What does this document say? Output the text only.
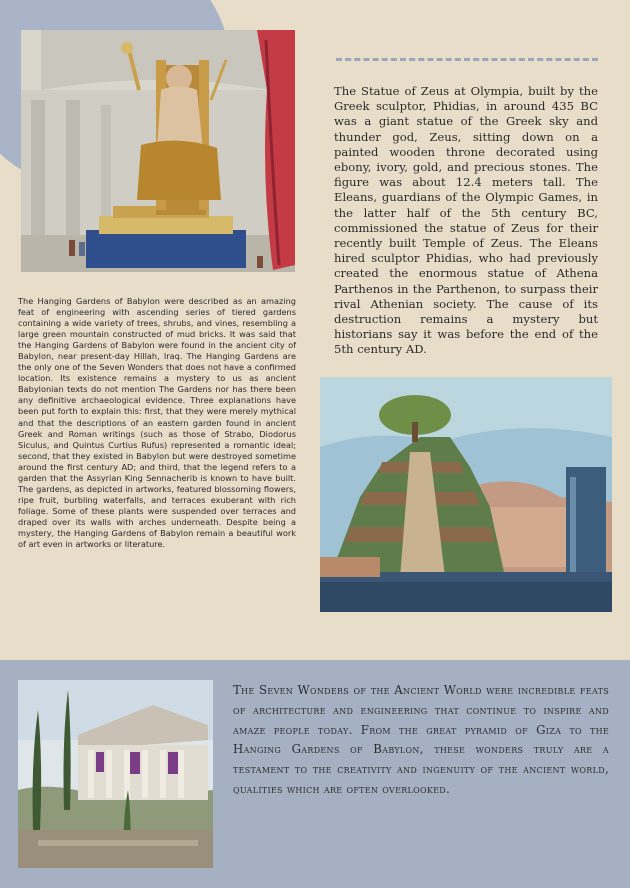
The Statue of Zeus at Olympia, built by the Greek sculptor, Phidias, in around 435 BC was a giant statue of the Greek sky and thunder god, Zeus, sitting down on a painted wooden throne decorated using ebony, ivory, gold, and precious stones. The figure was about 12.4 meters tall. The Eleans, guardians of the Olympic Games, in the latter half of the 5th century BC, commissioned the statue of Zeus for their recently built Temple of Zeus. The Eleans hired sculptor Phidias, who had previously created the enormous statue of Athena Parthenos in the Parthenon, to surpass their rival Athenian society. The cause of its destruction remains a mystery but historians say it was before the end of the 5th century AD.

The Hanging Gardens of Babylon were described as an amazing feat of engineering with ascending series of tiered gardens containing a wide variety of trees, shrubs, and vines, resembling a large green mountain constructed of mud bricks. It was said that the Hanging Gardens of Babylon were found in the ancient city of Babylon, near present-day Hillah, Iraq. The Hanging Gardens are the only one of the Seven Wonders that does not have a confirmed location. Its existence remains a mystery to us as ancient Babylonian texts do not mention The Gardens nor has there been any definitive archaeological evidence. Three explanations have been put forth to explain this: first, that they were merely mythical and that the descriptions of an eastern garden found in ancient Greek and Roman writings (such as those of Strabo, Diodorus Siculus, and Quintus Curtius Rufus) represented a romantic ideal; second, that they existed in Babylon but were destroyed sometime around the first century AD; and third, that the legend refers to a garden that the Assyrian King Sennacherib is known to have built. The gardens, as depicted in artworks, featured blossoming flowers, ripe fruit, burbling waterfalls, and terraces exuberant with rich foliage. Some of these plants were suspended over terraces and draped over its walls with arches underneath. Despite being a mystery, the Hanging Gardens of Babylon remain a beautiful work of art even in artworks or literature.

The Seven Wonders of the Ancient World were incredible feats of architecture and engineering that continue to inspire and amaze people today. From the great pyramid of Giza to the Hanging Gardens of Babylon, these wonders truly are a testament to the creativity and ingenuity of the ancient world, qualities which are often overlooked.
